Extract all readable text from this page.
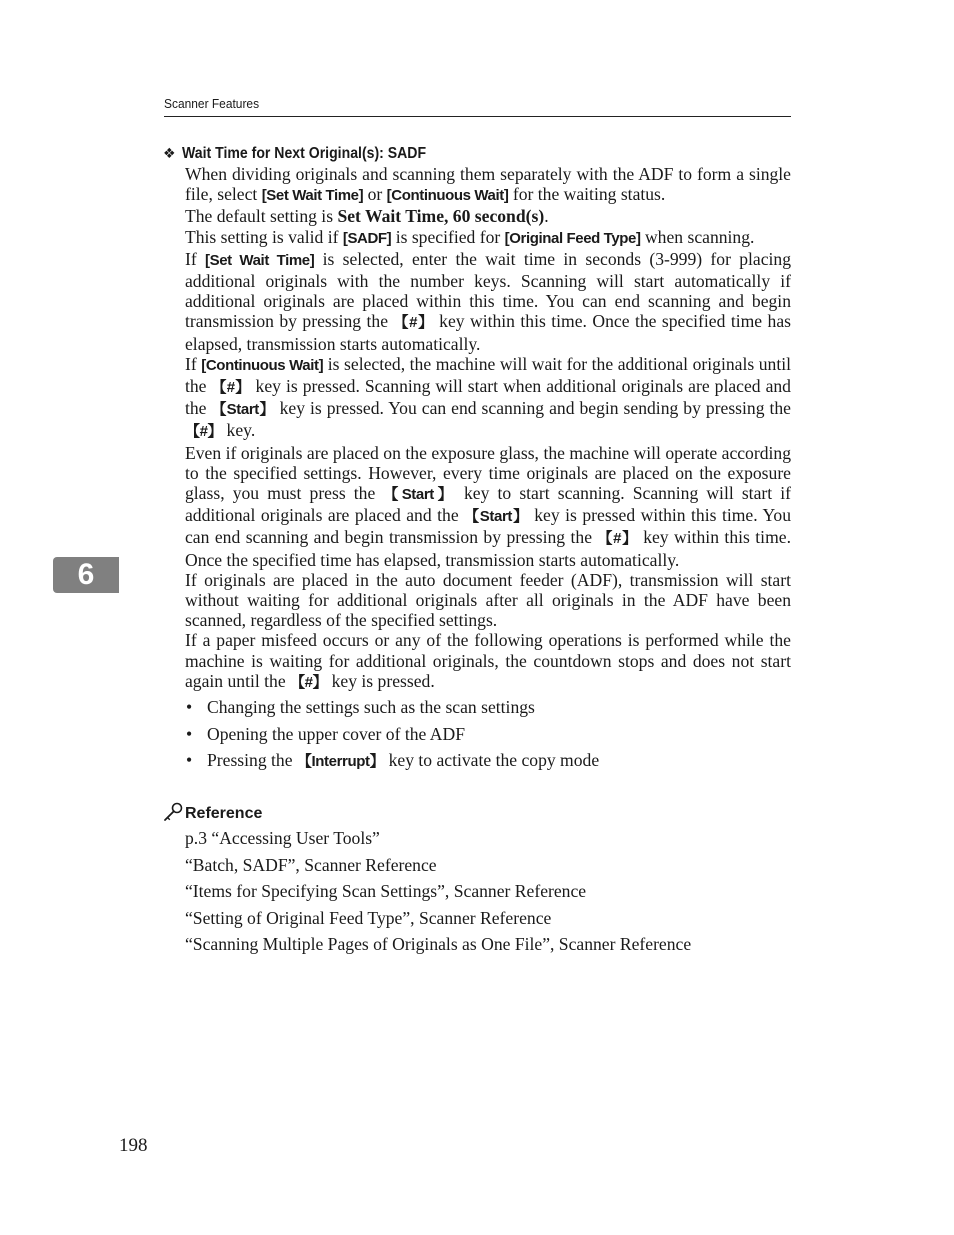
Scanner Features
❖ Wait Time for Next Original(s): SADF

When dividing originals and scanning them separately with the ADF to form a single file, select [Set Wait Time] or [Continuous Wait] for the waiting status.

The default setting is Set Wait Time, 60 second(s).

This setting is valid if [SADF] is specified for [Original Feed Type] when scanning.

If [Set Wait Time] is selected, enter the wait time in seconds (3-999) for placing additional originals with the number keys. Scanning will start automatically if additional originals are placed within this time. You can end scanning and begin transmission by pressing the 【#】 key within this time. Once the specified time has elapsed, transmission starts automatically.

If [Continuous Wait] is selected, the machine will wait for the additional originals until the 【#】 key is pressed. Scanning will start when additional originals are placed and the 【Start】 key is pressed. You can end scanning and begin sending by pressing the 【#】 key.

Even if originals are placed on the exposure glass, the machine will operate according to the specified settings. However, every time originals are placed on the exposure glass, you must press the 【Start】 key to start scanning. Scanning will start if additional originals are placed and the 【Start】 key is pressed within this time. You can end scanning and begin transmission by pressing the 【#】 key within this time. Once the specified time has elapsed, transmission starts automatically.

If originals are placed in the auto document feeder (ADF), transmission will start without waiting for additional originals after all originals in the ADF have been scanned, regardless of the specified settings.

If a paper misfeed occurs or any of the following operations is performed while the machine is waiting for additional originals, the countdown stops and does not start again until the 【#】 key is pressed.

• Changing the settings such as the scan settings
• Opening the upper cover of the ADF
• Pressing the 【Interrupt】 key to activate the copy mode
Reference
p.3 “Accessing User Tools”
“Batch, SADF”, Scanner Reference
“Items for Specifying Scan Settings”, Scanner Reference
“Setting of Original Feed Type”, Scanner Reference
“Scanning Multiple Pages of Originals as One File”, Scanner Reference
6
198
